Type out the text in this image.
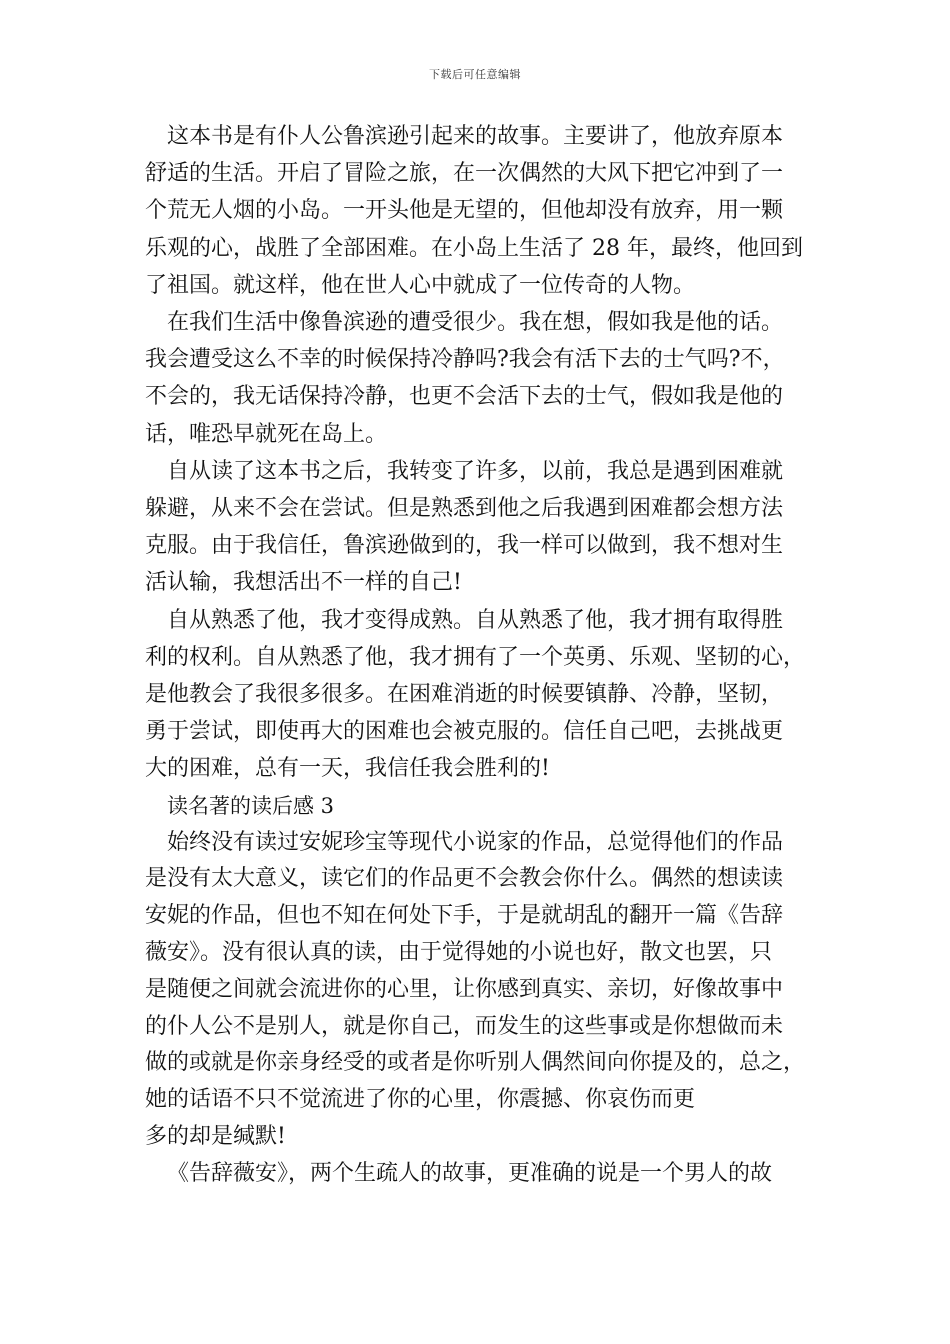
下载后可任意编辑

这本书是有仆人公鲁滨逊引起来的故事。主要讲了，他放弃原本
舒适的生活。开启了冒险之旅，在一次偶然的大风下把它冲到了一
个荒无人烟的小岛。一开头他是无望的，但他却没有放弃，用一颗
乐观的心，战胜了全部困难。在小岛上生活了 28 年，最终，他回到
了祖国。就这样，他在世人心中就成了一位传奇的人物。

在我们生活中像鲁滨逊的遭受很少。我在想，假如我是他的话。
我会遭受这么不幸的时候保持冷静吗?我会有活下去的士气吗?不，
不会的，我无话保持冷静，也更不会活下去的士气，假如我是他的
话，唯恐早就死在岛上。

自从读了这本书之后，我转变了许多，以前，我总是遇到困难就
躲避，从来不会在尝试。但是熟悉到他之后我遇到困难都会想方法
克服。由于我信任，鲁滨逊做到的，我一样可以做到，我不想对生
活认输，我想活出不一样的自己!

自从熟悉了他，我才变得成熟。自从熟悉了他，我才拥有取得胜
利的权利。自从熟悉了他，我才拥有了一个英勇、乐观、坚韧的心，
是他教会了我很多很多。在困难消逝的时候要镇静、冷静，坚韧，
勇于尝试，即使再大的困难也会被克服的。信任自己吧，去挑战更
大的困难，总有一天，我信任我会胜利的!

读名著的读后感 3

始终没有读过安妮珍宝等现代小说家的作品，总觉得他们的作品
是没有太大意义，读它们的作品更不会教会你什么。偶然的想读读
安妮的作品，但也不知在何处下手，于是就胡乱的翻开一篇《告辞
薇安》。没有很认真的读，由于觉得她的小说也好，散文也罢，只
是随便之间就会流进你的心里，让你感到真实、亲切，好像故事中
的仆人公不是别人，就是你自己，而发生的这些事或是你想做而未
做的或就是你亲身经受的或者是你听别人偶然间向你提及的，总之，
她的话语不只不觉流进了你的心里，你震撼、你哀伤而更
多的却是缄默!

《告辞薇安》，两个生疏人的故事，更准确的说是一个男人的故
